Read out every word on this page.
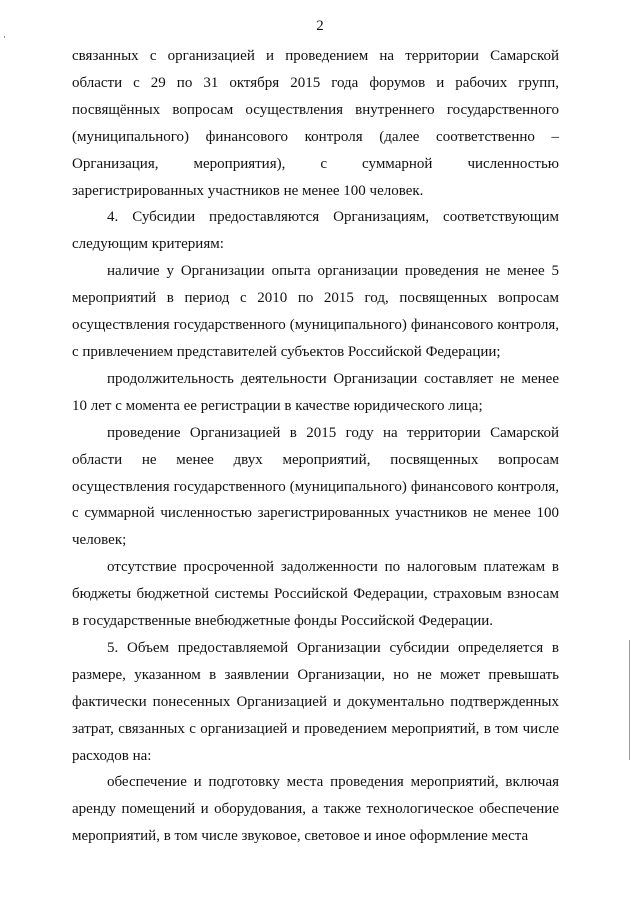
2

связанных с организацией и проведением на территории Самарской области с 29 по 31 октября 2015 года форумов и рабочих групп, посвящённых вопросам осуществления внутреннего государственного (муниципального) финансового контроля (далее соответственно – Организация, мероприятия), с суммарной численностью зарегистрированных участников не менее 100 человек.

4. Субсидии предоставляются Организациям, соответствующим следующим критериям:

наличие у Организации опыта организации проведения не менее 5 мероприятий в период с 2010 по 2015 год, посвященных вопросам осуществления государственного (муниципального) финансового контроля, с привлечением представителей субъектов Российской Федерации;

продолжительность деятельности Организации составляет не менее 10 лет с момента ее регистрации в качестве юридического лица;

проведение Организацией в 2015 году на территории Самарской области не менее двух мероприятий, посвященных вопросам осуществления государственного (муниципального) финансового контроля, с суммарной численностью зарегистрированных участников не менее 100 человек;

отсутствие просроченной задолженности по налоговым платежам в бюджеты бюджетной системы Российской Федерации, страховым взносам в государственные внебюджетные фонды Российской Федерации.

5. Объем предоставляемой Организации субсидии определяется в размере, указанном в заявлении Организации, но не может превышать фактически понесенных Организацией и документально подтвержденных затрат, связанных с организацией и проведением мероприятий, в том числе расходов на:

обеспечение и подготовку места проведения мероприятий, включая аренду помещений и оборудования, а также технологическое обеспечение мероприятий, в том числе звуковое, световое и иное оформление места
